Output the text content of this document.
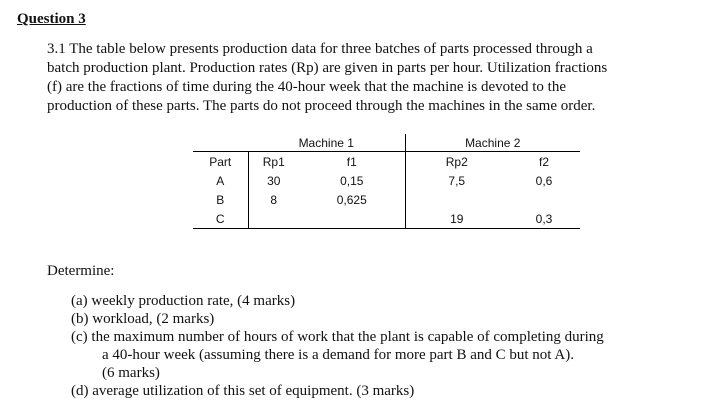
Question 3

3.1 The table below presents production data for three batches of parts processed through a

batch production plant. Production rates (Rp) are given in parts per hour. Utilization fractions

(f) are the fractions of time during the 40-hour week that the machine is devoted to the

production of these parts. The parts do not proceed through the machines in the same order.

	Machine 1		Machine 2	
Part	Rp1	f1	Rp2	f2
A	30	0,15	7,5	0,6
B	8	0,625		
C			19	0,3
Determine:

(a) weekly production rate, (4 marks)

(b) workload, (2 marks)

(c) the maximum number of hours of work that the plant is capable of completing during

a 40-hour week (assuming there is a demand for more part B and C but not A).

(6 marks)

(d) average utilization of this set of equipment. (3 marks)
